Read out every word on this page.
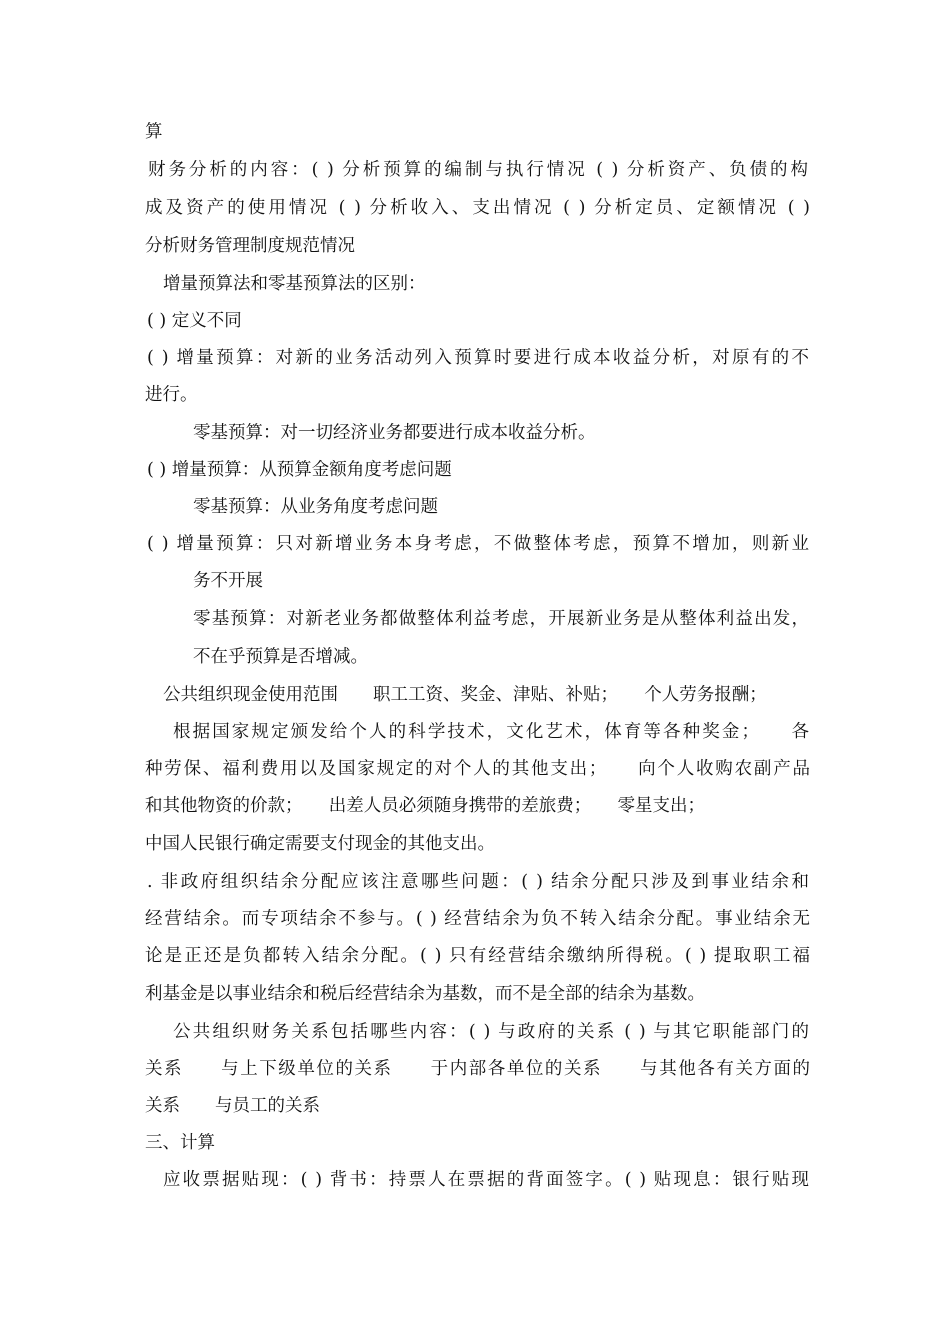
算
财务分析的内容：( ) 分析预算的编制与执行情况 ( ) 分析资产、负债的构
成及资产的使用情况 ( ) 分析收入、支出情况 ( ) 分析定员、定额情况 ( )
分析财务管理制度规范情况
增量预算法和零基预算法的区别：
( ) 定义不同
( ) 增量预算：对新的业务活动列入预算时要进行成本收益分析，对原有的不
进行。
零基预算：对一切经济业务都要进行成本收益分析。
( ) 增量预算：从预算金额角度考虑问题
零基预算：从业务角度考虑问题
( ) 增量预算：只对新增业务本身考虑，不做整体考虑，预算不增加，则新业
务不开展
零基预算：对新老业务都做整体利益考虑，开展新业务是从整体利益出发，
不在乎预算是否增减。
公共组织现金使用范围　　职工工资、奖金、津贴、补贴；　　个人劳务报酬；
根据国家规定颁发给个人的科学技术，文化艺术，体育等各种奖金；　　各
种劳保、福利费用以及国家规定的对个人的其他支出；　　向个人收购农副产品
和其他物资的价款；　　出差人员必须随身携带的差旅费；　　零星支出；
中国人民银行确定需要支付现金的其他支出。
. 非政府组织结余分配应该注意哪些问题：( ) 结余分配只涉及到事业结余和
经营结余。而专项结余不参与。( ) 经营结余为负不转入结余分配。事业结余无
论是正还是负都转入结余分配。( ) 只有经营结余缴纳所得税。( ) 提取职工福
利基金是以事业结余和税后经营结余为基数，而不是全部的结余为基数。
公共组织财务关系包括哪些内容：( ) 与政府的关系 ( ) 与其它职能部门的
关系　　与上下级单位的关系　　于内部各单位的关系　　与其他各有关方面的
关系　　与员工的关系
三、计算
应收票据贴现：( ) 背书：持票人在票据的背面签字。( ) 贴现息：银行贴现
